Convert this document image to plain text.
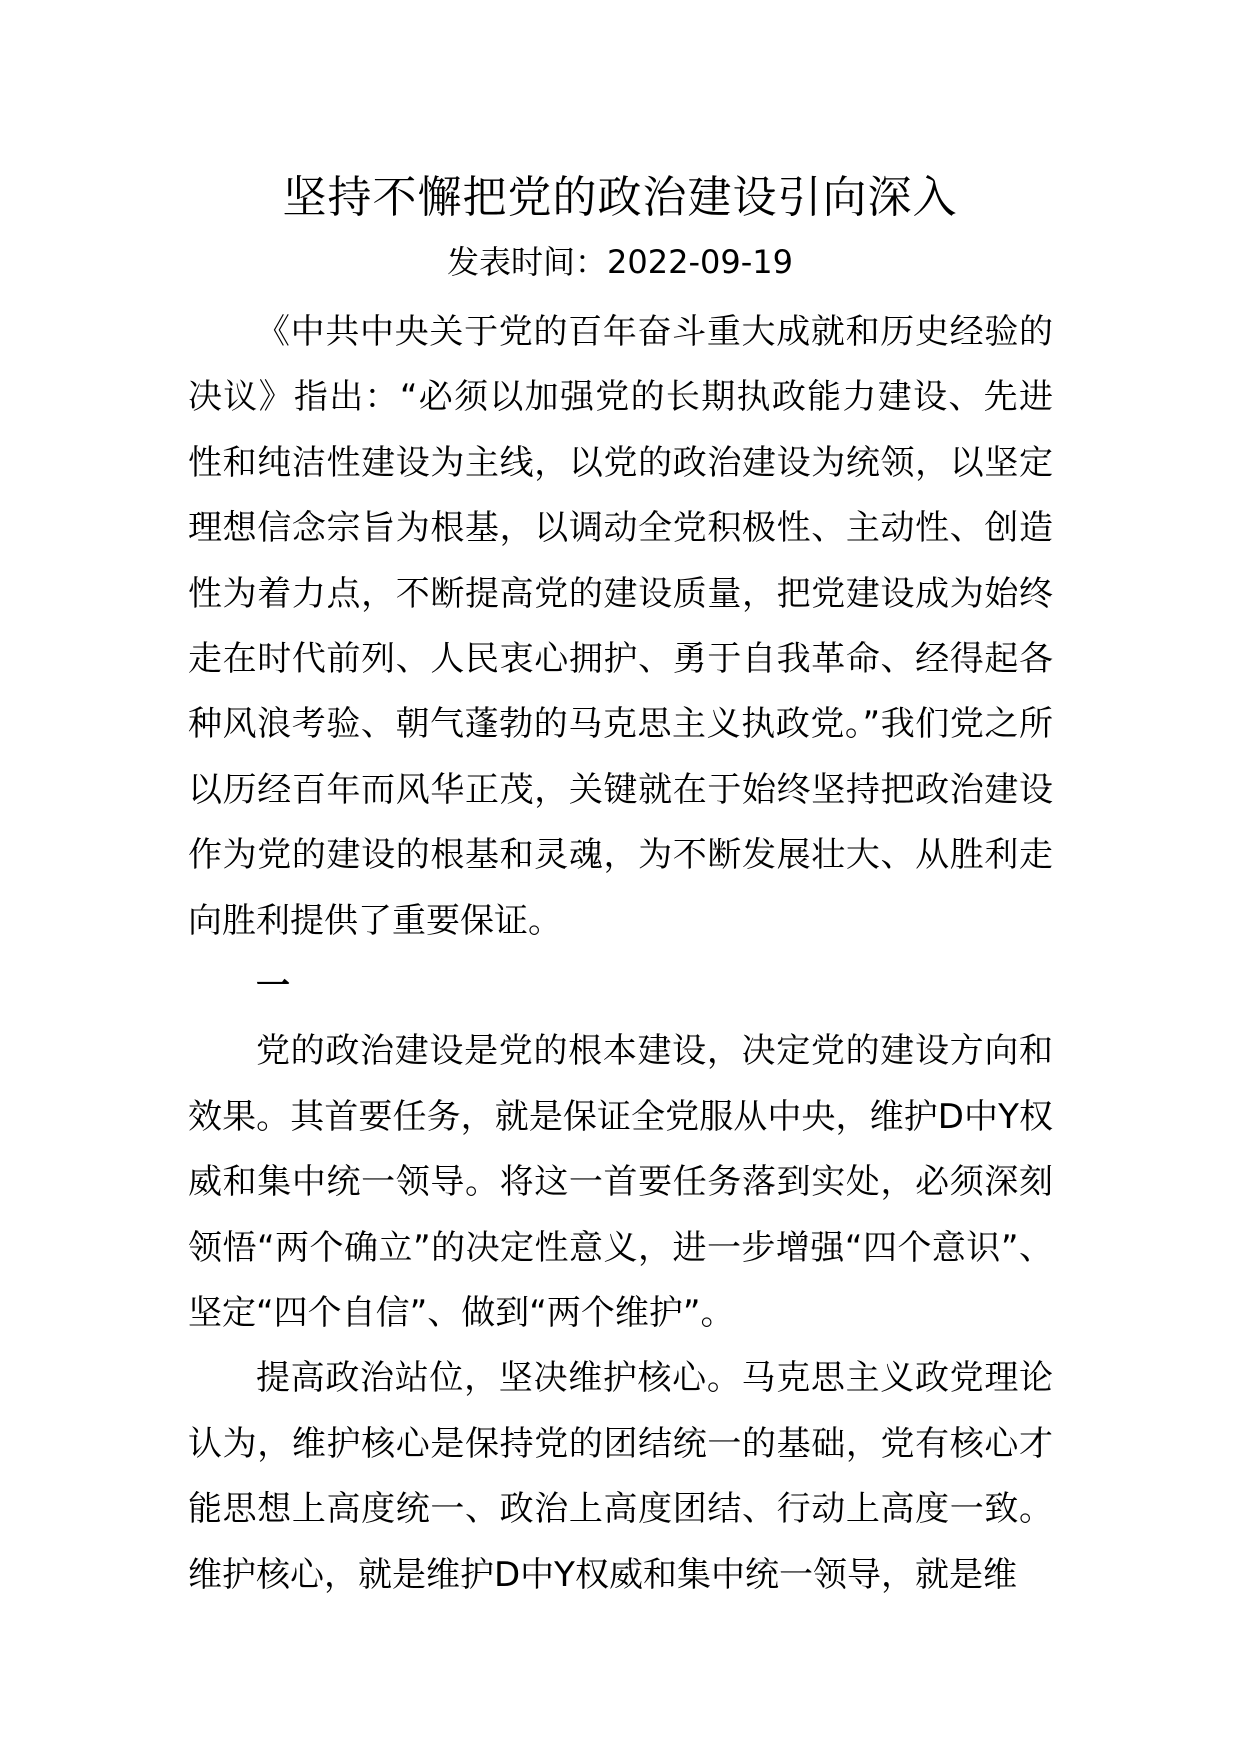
坚持不懈把党的政治建设引向深入
发表时间：2022-09-19

《中共中央关于党的百年奋斗重大成就和历史经验的决议》指出：“必须以加强党的长期执政能力建设、先进性和纯洁性建设为主线，以党的政治建设为统领，以坚定理想信念宗旨为根基，以调动全党积极性、主动性、创造性为着力点，不断提高党的建设质量，把党建设成为始终走在时代前列、人民衷心拥护、勇于自我革命、经得起各种风浪考验、朝气蓬勃的马克思主义执政党。”我们党之所以历经百年而风华正茂，关键就在于始终坚持把政治建设作为党的建设的根基和灵魂，为不断发展壮大、从胜利走向胜利提供了重要保证。

一

党的政治建设是党的根本建设，决定党的建设方向和效果。其首要任务，就是保证全党服从中央，维护D中Y权威和集中统一领导。将这一首要任务落到实处，必须深刻领悟“两个确立”的决定性意义，进一步增强“四个意识”、坚定“四个自信”、做到“两个维护”。

提高政治站位，坚决维护核心。马克思主义政党理论认为，维护核心是保持党的团结统一的基础，党有核心才能思想上高度统一、政治上高度团结、行动上高度一致。维护核心，就是维护D中Y权威和集中统一领导，就是维
